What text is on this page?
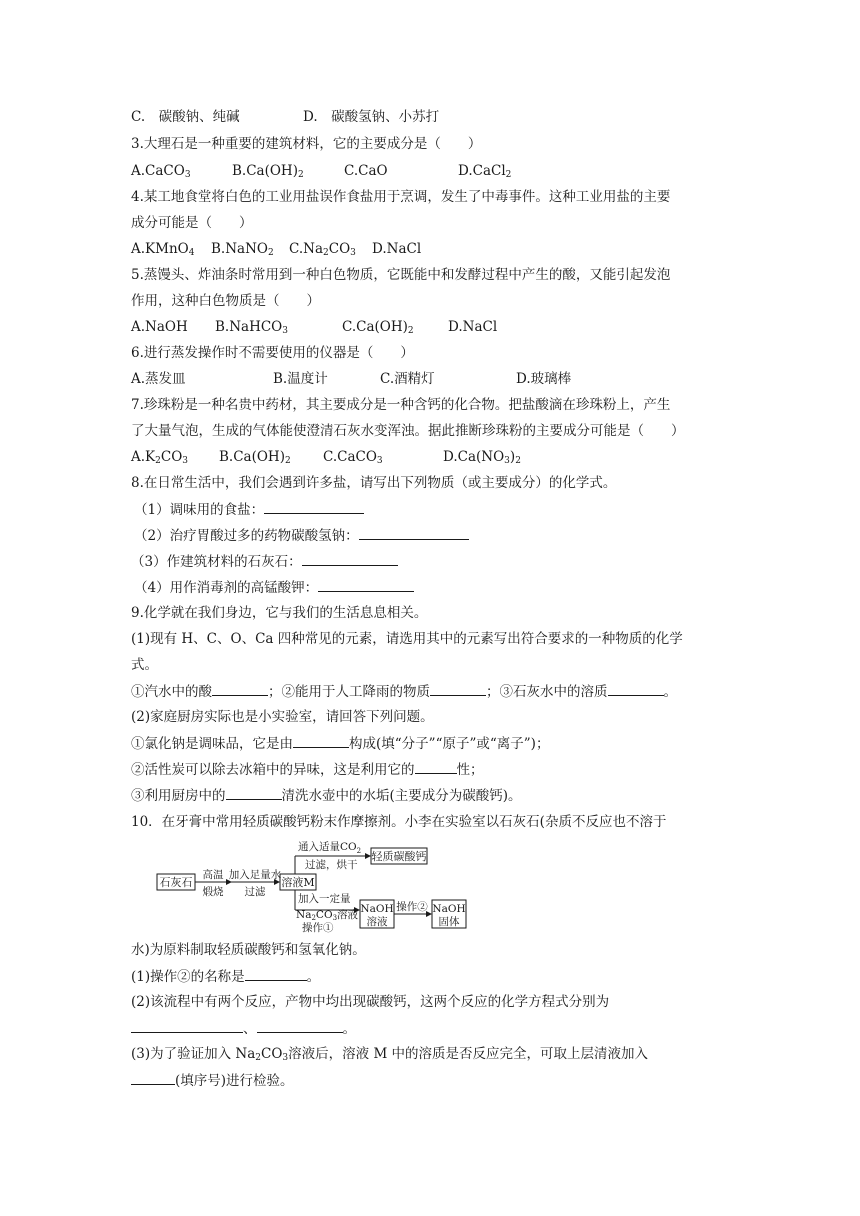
C.　碳酸钠、纯碱	D.　碳酸氢钠、小苏打
3.大理石是一种重要的建筑材料，它的主要成分是（　　）
A.CaCO$_3$	$B.Ca(OH)_2$	C.CaO	D.CaCl$_2$
4.某工地食堂将白色的工业用盐误作食盐用于烹调，发生了中毒事件。这种工业用盐的主要
成分可能是（　　）
A.KMnO$_4$ B.NaNO$_2$ $C.Na_2CO_3$ D.NaCl
5.蒸馒头、炸油条时常用到一种白色物质，它既能中和发酵过程中产生的酸，又能引起发泡
作用，这种白色物质是（　　）
A.NaOH B.NaHCO$_3$	$C.Ca(OH)_2$	D.NaCl
6.进行蒸发操作时不需要使用的仪器是（　　）
A.蒸发皿	B.温度计	C.酒精灯	D.玻璃棒
7.珍珠粉是一种名贵中药材，其主要成分是一种含钙的化合物。把盐酸滴在珍珠粉上，产生
了大量气泡，生成的气体能使澄清石灰水变浑浊。据此推断珍珠粉的主要成分可能是（　　）
$A.K_2CO_3$ $B.Ca(OH)_2$ C.CaCO$_3$	$D.Ca(NO_3)_2$
8.在日常生活中，我们会遇到许多盐，请写出下列物质（或主要成分）的化学式。
（1）调味用的食盐：
（2）治疗胃酸过多的药物碳酸氢钠：
（3）作建筑材料的石灰石：
（4）用作消毒剂的高锰酸钾：
9.化学就在我们身边，它与我们的生活息息相关。
(1)现有 H、C、O、Ca 四种常见的元素，请选用其中的元素写出符合要求的一种物质的化学
式。
①汽水中的酸	；②能用于人工降雨的物质	；③石灰水中的溶质	。
(2)家庭厨房实际也是小实验室，请回答下列问题。
①氯化钠是调味品，它是由	构成(填“分子”“原子”或“离子”)；
②活性炭可以除去冰箱中的异味，这是利用它的	性；
③利用厨房中的	清洗水壶中的水垢(主要成分为碳酸钙)。
10．在牙膏中常用轻质碳酸钙粉末作摩擦剂。小李在实验室以石灰石(杂质不反应也不溶于
石灰石
高温
煅烧
加入足量水
过滤
溶液M
通入适量$CO_2$
过滤，烘干
轻质碳酸钙
加入一定量
Na2CO3溶液
操作①
NaOH
溶液
操作② NaOH
固体
水)为原料制取轻质碳酸钙和氢氧化钠。
(1)操作②的名称是	。
(2)该流程中有两个反应，产物中均出现碳酸钙，这两个反应的化学方程式分别为
、	。
(3)为了验证加入 $Na_2CO_3$溶液后，溶液 M 中的溶质是否反应完全，可取上层清液加入
(填序号)进行检验。
